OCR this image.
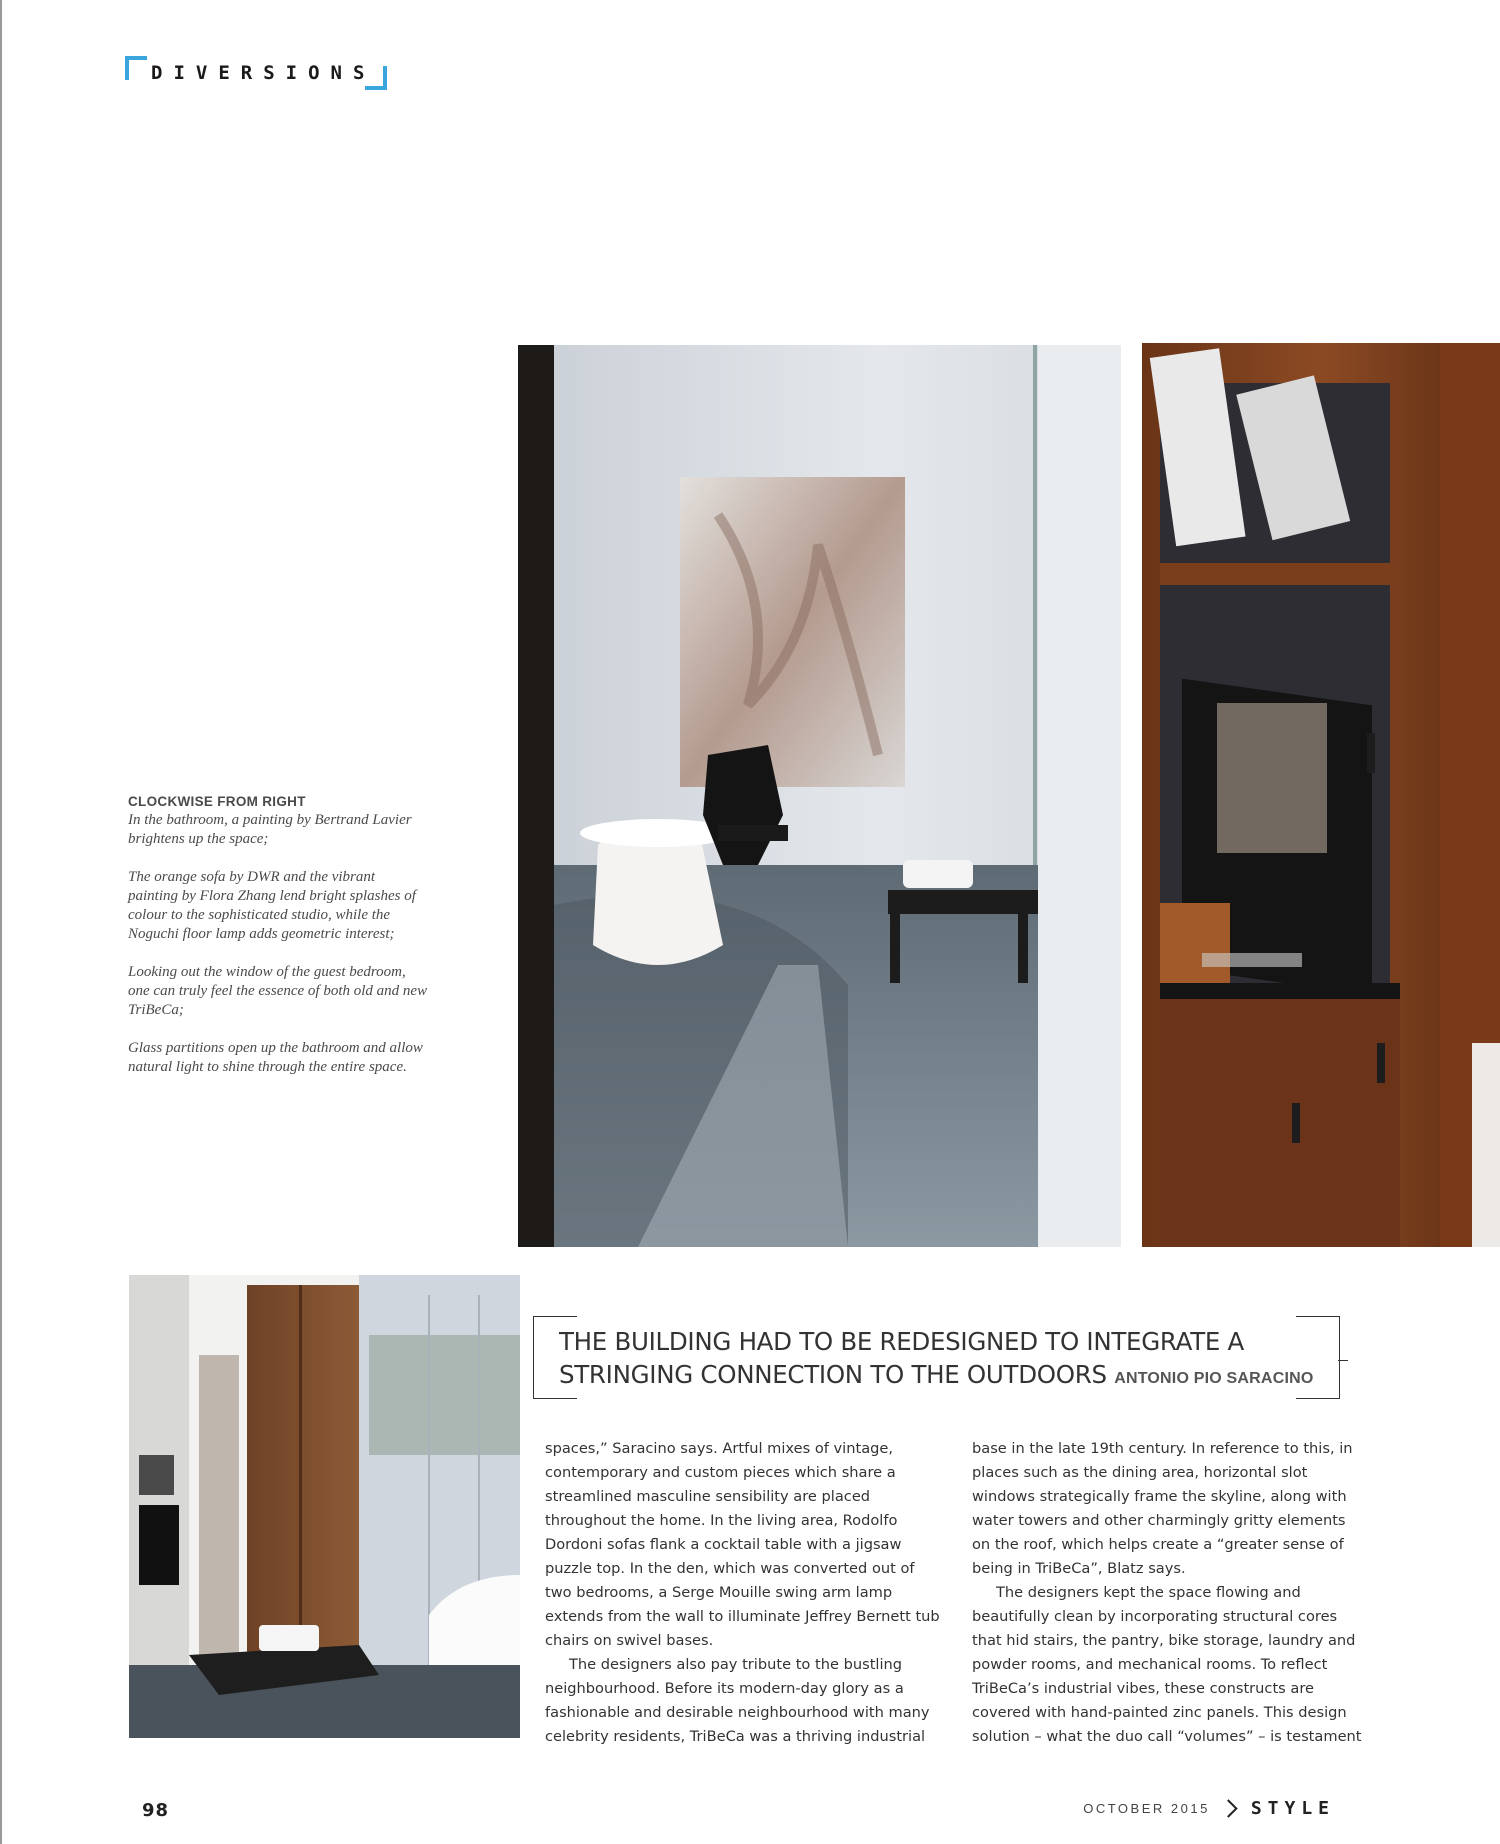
DIVERSIONS
CLOCKWISE FROM RIGHT

In the bathroom, a painting by Bertrand Lavier brightens up the space;

The orange sofa by DWR and the vibrant painting by Flora Zhang lend bright splashes of colour to the sophisticated studio, while the Noguchi floor lamp adds geometric interest;

Looking out the window of the guest bedroom, one can truly feel the essence of both old and new TriBeCa;

Glass partitions open up the bathroom and allow natural light to shine through the entire space.

THE BUILDING HAD TO BE REDESIGNED TO INTEGRATE A STRINGING CONNECTION TO THE OUTDOORS ANTONIO PIO SARACINO

spaces,” Saracino says. Artful mixes of vintage, contemporary and custom pieces which share a streamlined masculine sensibility are placed throughout the home. In the living area, Rodolfo Dordoni sofas flank a cocktail table with a jigsaw puzzle top. In the den, which was converted out of two bedrooms, a Serge Mouille swing arm lamp extends from the wall to illuminate Jeffrey Bernett tub chairs on swivel bases.

The designers also pay tribute to the bustling neighbourhood. Before its modern-day glory as a fashionable and desirable neighbourhood with many celebrity residents, TriBeCa was a thriving industrial

base in the late 19th century. In reference to this, in places such as the dining area, horizontal slot windows strategically frame the skyline, along with water towers and other charmingly gritty elements on the roof, which helps create a “greater sense of being in TriBeCa”, Blatz says.

The designers kept the space flowing and beautifully clean by incorporating structural cores that hid stairs, the pantry, bike storage, laundry and powder rooms, and mechanical rooms. To reflect TriBeCa’s industrial vibes, these constructs are covered with hand-painted zinc panels. This design solution – what the duo call “volumes” – is testament

98	OCTOBER 2015 STYLE
